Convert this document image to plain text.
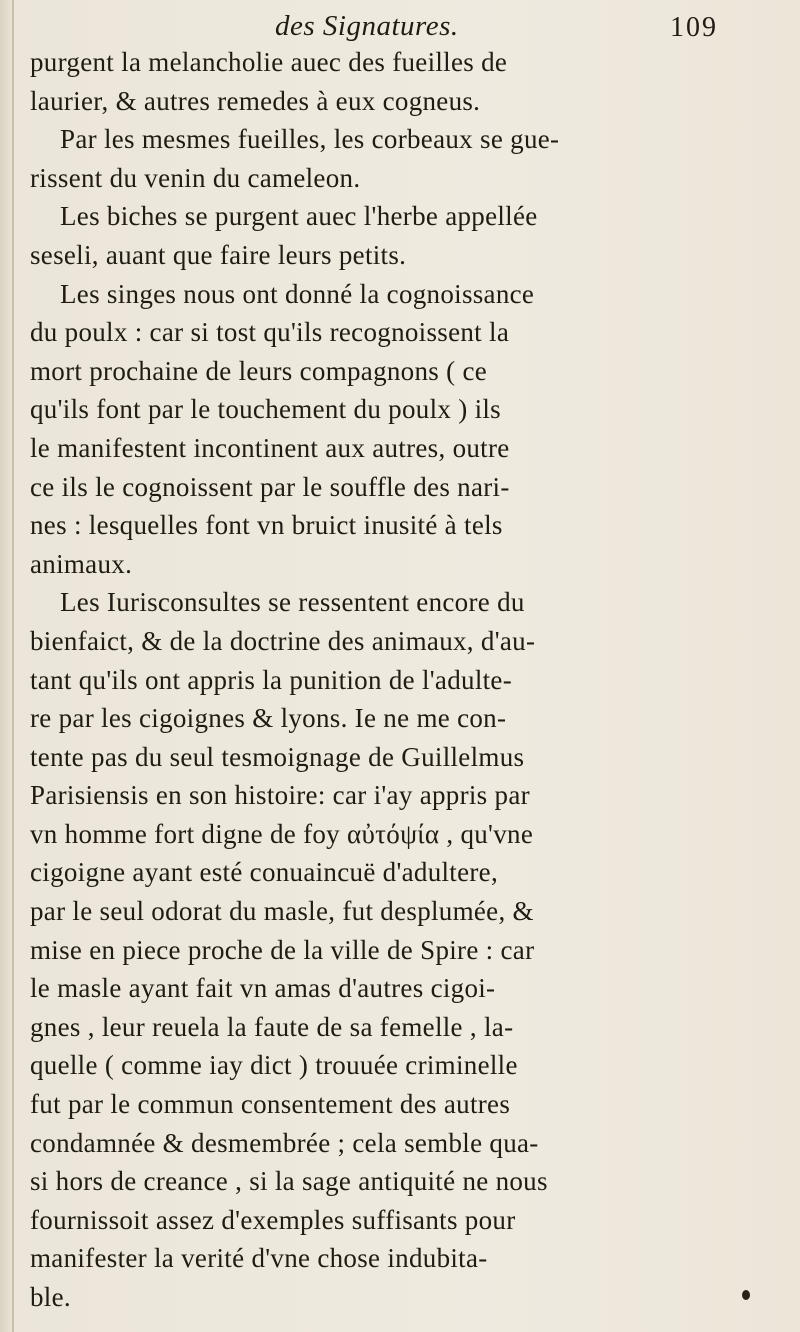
des Signatures.	109
purgent la melancholie auec des fueilles de
laurier, & autres remedes à eux cogneus.
Par les mesmes fueilles, les corbeaux se gue-
rissent du venin du cameleon.
Les biches se purgent auec l'herbe appellée
seseli, auant que faire leurs petits.
Les singes nous ont donné la cognoissance
du poulx : car si tost qu'ils recognoissent la
mort prochaine de leurs compagnons ( ce
qu'ils font par le touchement du poulx ) ils
le manifestent incontinent aux autres, outre
ce ils le cognoissent par le souffle des nari-
nes : lesquelles font vn bruict inusité à tels
animaux.
Les Iurisconsultes se ressentent encore du
bienfaict, & de la doctrine des animaux, d'au-
tant qu'ils ont appris la punition de l'adulte-
re par les cigoignes & lyons. Ie ne me con-
tente pas du seul tesmoignage de Guillelmus
Parisiensis en son histoire: car i'ay appris par
vn homme fort digne de foy αὐτόψία , qu'vne
cigoigne ayant esté conuaincuë d'adultere,
par le seul odorat du masle, fut desplumée, &
mise en piece proche de la ville de Spire : car
le masle ayant fait vn amas d'autres cigoi-
gnes , leur reuela la faute de sa femelle , la-
quelle ( comme iay dict ) trouuée criminelle
fut par le commun consentement des autres
condamnée & desmembrée ; cela semble qua-
si hors de creance , si la sage antiquité ne nous
fournissoit assez d'exemples suffisants pour
manifester la verité d'vne chose indubita-
ble.
